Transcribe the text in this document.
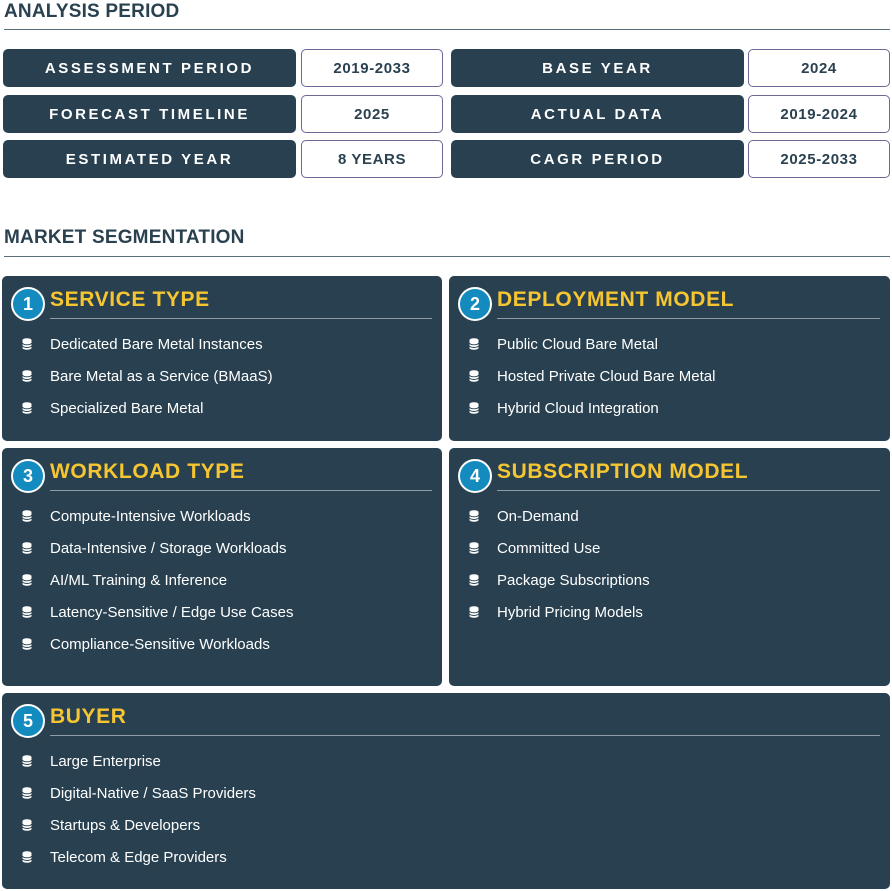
ANALYSIS PERIOD
ASSESSMENT PERIOD	2019-2033	BASE YEAR	2024
FORECAST TIMELINE	2025	ACTUAL DATA	2019-2024
ESTIMATED YEAR	8 YEARS	CAGR PERIOD	2025-2033
MARKET SEGMENTATION
1 SERVICE TYPE
Dedicated Bare Metal Instances
Bare Metal as a Service (BMaaS)
Specialized Bare Metal
2 DEPLOYMENT MODEL
Public Cloud Bare Metal
Hosted Private Cloud Bare Metal
Hybrid Cloud Integration
3 WORKLOAD TYPE
Compute-Intensive Workloads
Data-Intensive / Storage Workloads
AI/ML Training & Inference
Latency-Sensitive / Edge Use Cases
Compliance-Sensitive Workloads
4 SUBSCRIPTION MODEL
On-Demand
Committed Use
Package Subscriptions
Hybrid Pricing Models
5 BUYER
Large Enterprise
Digital-Native / SaaS Providers
Startups & Developers
Telecom & Edge Providers
